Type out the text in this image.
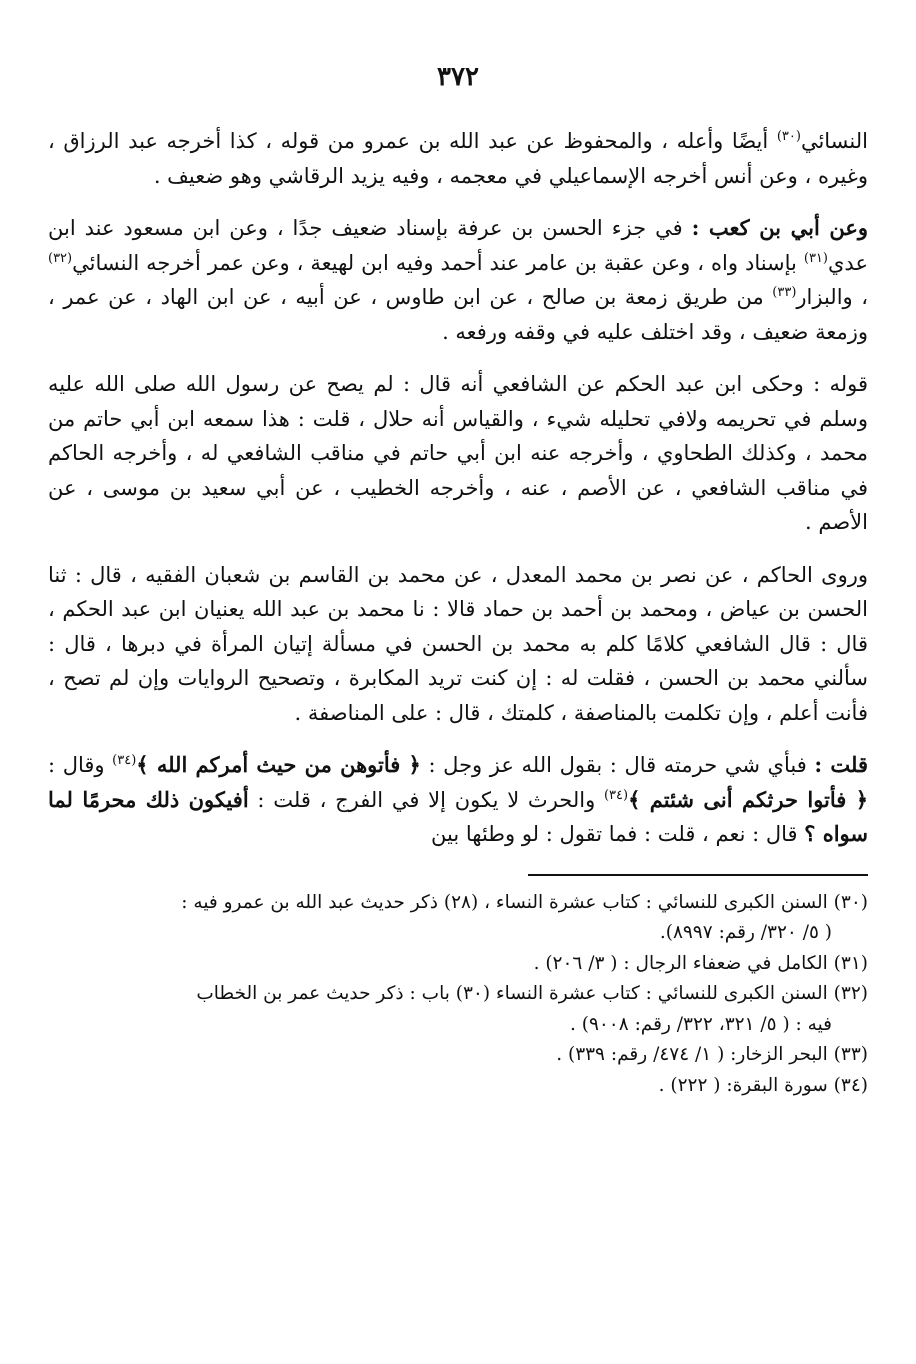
٣٧٢

النسائي$^{(٣٠)}$ أيضًا وأعله ، والمحفوظ عن عبد الله بن عمرو من قوله ، كذا أخرجه عبد الرزاق ، وغيره ، وعن أنس أخرجه الإسماعيلي في معجمه ، وفيه يزيد الرقاشي وهو ضعيف .

وعن أبي بن كعب : في جزء الحسن بن عرفة بإسناد ضعيف جدًا ، وعن ابن مسعود عند ابن عدي$^{(٣١)}$ بإسناد واه ، وعن عقبة بن عامر عند أحمد وفيه ابن لهيعة ، وعن عمر أخرجه النسائي$^{(٣٢)}$ ، والبزار$^{(٣٣)}$ من طريق زمعة بن صالح ، عن ابن طاوس ، عن أبيه ، عن ابن الهاد ، عن عمر ، وزمعة ضعيف ، وقد اختلف عليه في وقفه ورفعه .

قوله : وحكى ابن عبد الحكم عن الشافعي أنه قال : لم يصح عن رسول الله صلى الله عليه وسلم في تحريمه ولافي تحليله شيء ، والقياس أنه حلال ، قلت : هذا سمعه ابن أبي حاتم من محمد ، وكذلك الطحاوي ، وأخرجه عنه ابن أبي حاتم في مناقب الشافعي له ، وأخرجه الحاكم في مناقب الشافعي ، عن الأصم ، عنه ، وأخرجه الخطيب ، عن أبي سعيد بن موسى ، عن الأصم .

وروى الحاكم ، عن نصر بن محمد المعدل ، عن محمد بن القاسم بن شعبان الفقيه ، قال : ثنا الحسن بن عياض ، ومحمد بن أحمد بن حماد قالا : نا محمد بن عبد الله يعنيان ابن عبد الحكم ، قال : قال الشافعي كلامًا كلم به محمد بن الحسن في مسألة إتيان المرأة في دبرها ، قال : سألني محمد بن الحسن ، فقلت له : إن كنت تريد المكابرة ، وتصحيح الروايات وإن لم تصح ، فأنت أعلم ، وإن تكلمت بالمناصفة ، كلمتك ، قال : على المناصفة .

قلت : فبأي شي حرمته قال : بقول الله عز وجل : ﴿ فأتوهن من حيث أمركم الله ﴾$^{(٣٤)}$ وقال : ﴿ فأتوا حرثكم أنى شئتم ﴾$^{(٣٤)}$ والحرث لا يكون إلا في الفرج ، قلت : أفيكون ذلك محرمًا لما سواه ؟ قال : نعم ، قلت : فما تقول : لو وطئها بين

(٣٠) السنن الكبرى للنسائي : كتاب عشرة النساء ، (٢٨) ذكر حديث عبد الله بن عمرو فيه :

( ٥/ ٣٢٠/ رقم: ٨٩٩٧).

(٣١) الكامل في ضعفاء الرجال : ( ٣/ ٢٠٦) .

(٣٢) السنن الكبرى للنسائي : كتاب عشرة النساء (٣٠) باب : ذكر حديث عمر بن الخطاب

فيه : ( ٥/ ٣٢١، ٣٢٢/ رقم: ٩٠٠٨) .

(٣٣) البحر الزخار: ( ١/ ٤٧٤/ رقم: ٣٣٩) .

(٣٤) سورة البقرة: ( ٢٢٢) .
